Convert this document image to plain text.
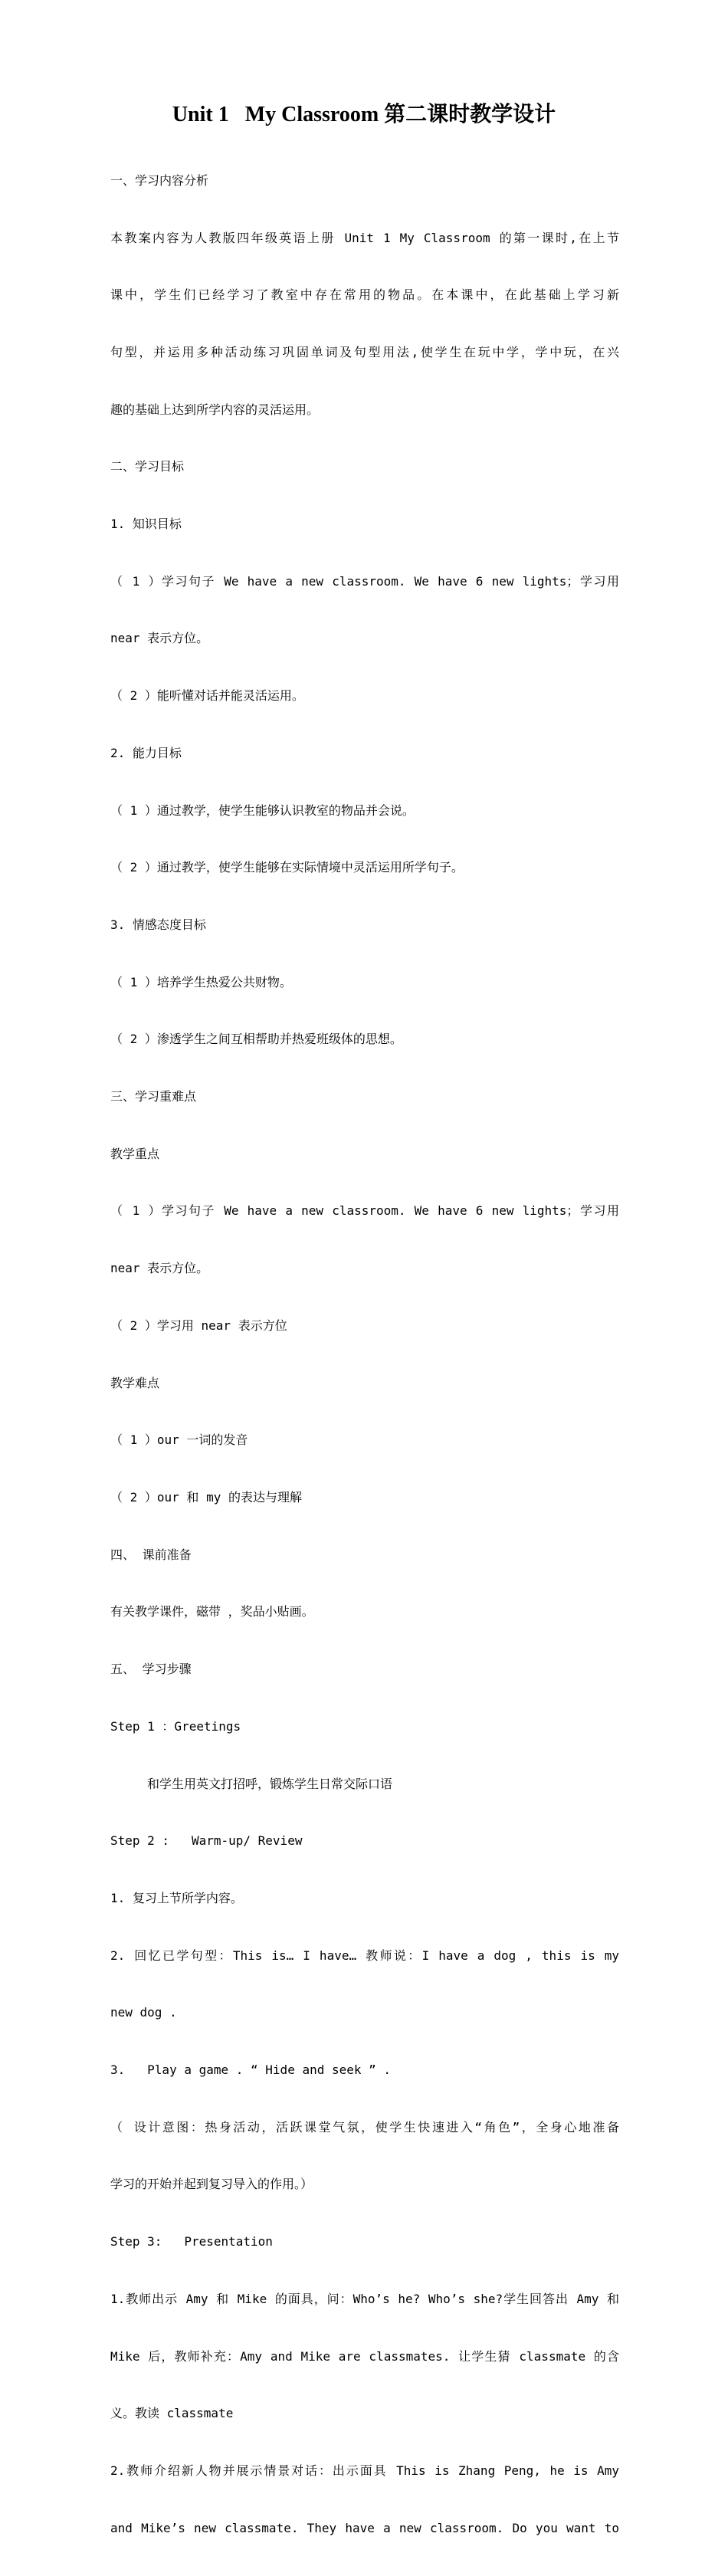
Unit 1   My Classroom 第二课时教学设计

一、学习内容分析

本教案内容为人教版四年级英语上册 Unit 1 My Classroom 的第一课时,在上节

课中，学生们已经学习了教室中存在常用的物品。在本课中，在此基础上学习新

句型，并运用多种活动练习巩固单词及句型用法,使学生在玩中学，学中玩，在兴

趣的基础上达到所学内容的灵活运用。

二、学习目标

1. 知识目标

（ 1 ）学习句子 We have a new classroom. We have 6 new lights；学习用

near 表示方位。

（ 2 ）能听懂对话并能灵活运用。

2. 能力目标

（ 1 ）通过教学，使学生能够认识教室的物品并会说。

（ 2 ）通过教学，使学生能够在实际情境中灵活运用所学句子。

3. 情感态度目标

（ 1 ）培养学生热爱公共财物。

（ 2 ）渗透学生之间互相帮助并热爱班级体的思想。

三、学习重难点

教学重点

（ 1 ）学习句子 We have a new classroom. We have 6 new lights；学习用

near 表示方位。

（ 2 ）学习用 near 表示方位

教学难点

（ 1 ）our 一词的发音

（ 2 ）our 和 my 的表达与理解

四、 课前准备

有关教学课件，磁带 ，奖品小贴画。

五、 学习步骤

Step 1 ：Greetings

和学生用英文打招呼，锻炼学生日常交际口语

Step 2 :   Warm-up/ Review

1. 复习上节所学内容。

2. 回忆已学句型：This is… I have… 教师说：I have a dog , this is my

new dog .

3.   Play a game . “ Hide and seek ” .

（ 设计意图：热身活动，活跃课堂气氛，使学生快速进入“角色”，全身心地准备

学习的开始并起到复习导入的作用。）

Step 3:   Presentation

1.教师出示 Amy 和 Mike 的面具，问：Who’s he? Who’s she?学生回答出 Amy 和

Mike 后，教师补充：Amy and Mike are classmates. 让学生猜 classmate 的含

义。教读 classmate

2.教师介绍新人物并展示情景对话：出示面具 This is Zhang Peng, he is Amy

and Mike’s new classmate. They have a new classroom. Do you want to
